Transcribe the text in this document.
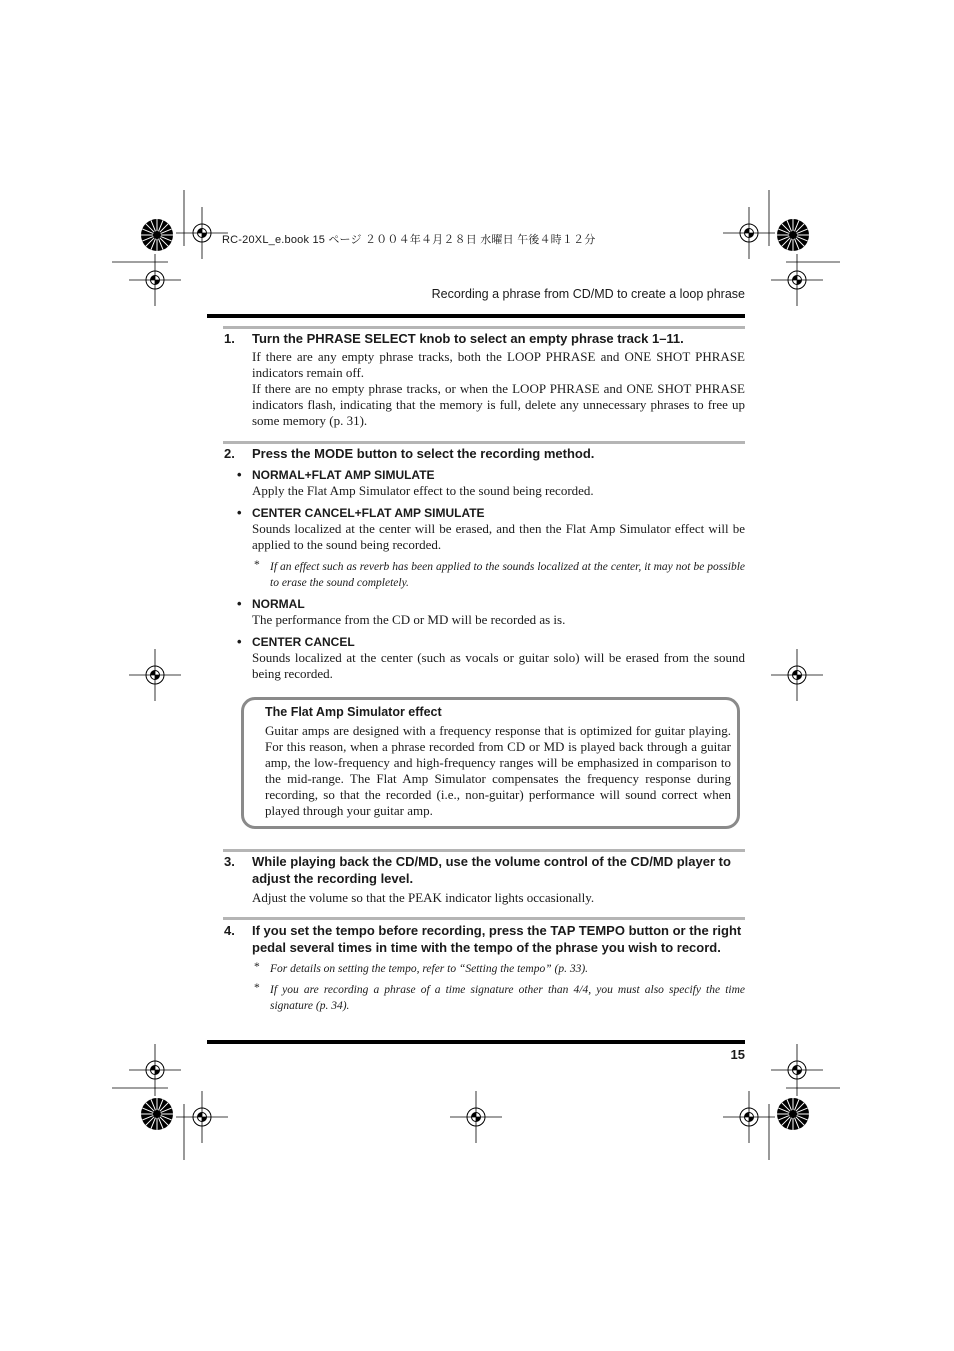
RC-20XL_e.book 15 ページ ２００４年４月２８日 水曜日 午後４時１２分
Recording a phrase from CD/MD to create a loop phrase
1. Turn the PHRASE SELECT knob to select an empty phrase track 1–11.

If there are any empty phrase tracks, both the LOOP PHRASE and ONE SHOT PHRASE indicators remain off.

If there are no empty phrase tracks, or when the LOOP PHRASE and ONE SHOT PHRASE indicators flash, indicating that the memory is full, delete any unnecessary phrases to free up some memory (p. 31).

2. Press the MODE button to select the recording method.
• NORMAL+FLAT AMP SIMULATE
Apply the Flat Amp Simulator effect to the sound being recorded.
• CENTER CANCEL+FLAT AMP SIMULATE
Sounds localized at the center will be erased, and then the Flat Amp Simulator effect will be applied to the sound being recorded.
* If an effect such as reverb has been applied to the sounds localized at the center, it may not be possible to erase the sound completely.
• NORMAL
The performance from the CD or MD will be recorded as is.
• CENTER CANCEL
Sounds localized at the center (such as vocals or guitar solo) will be erased from the sound being recorded.
The Flat Amp Simulator effect
Guitar amps are designed with a frequency response that is optimized for guitar playing. For this reason, when a phrase recorded from CD or MD is played back through a guitar amp, the low-frequency and high-frequency ranges will be emphasized in comparison to the mid-range. The Flat Amp Simulator compensates the frequency response during recording, so that the recorded (i.e., non-guitar) performance will sound correct when played through your guitar amp.
3. While playing back the CD/MD, use the volume control of the CD/MD player to adjust the recording level.
Adjust the volume so that the PEAK indicator lights occasionally.
4. If you set the tempo before recording, press the TAP TEMPO button or the right pedal several times in time with the tempo of the phrase you wish to record.
* For details on setting the tempo, refer to “Setting the tempo” (p. 33).
* If you are recording a phrase of a time signature other than 4/4, you must also specify the time signature (p. 34).
15
